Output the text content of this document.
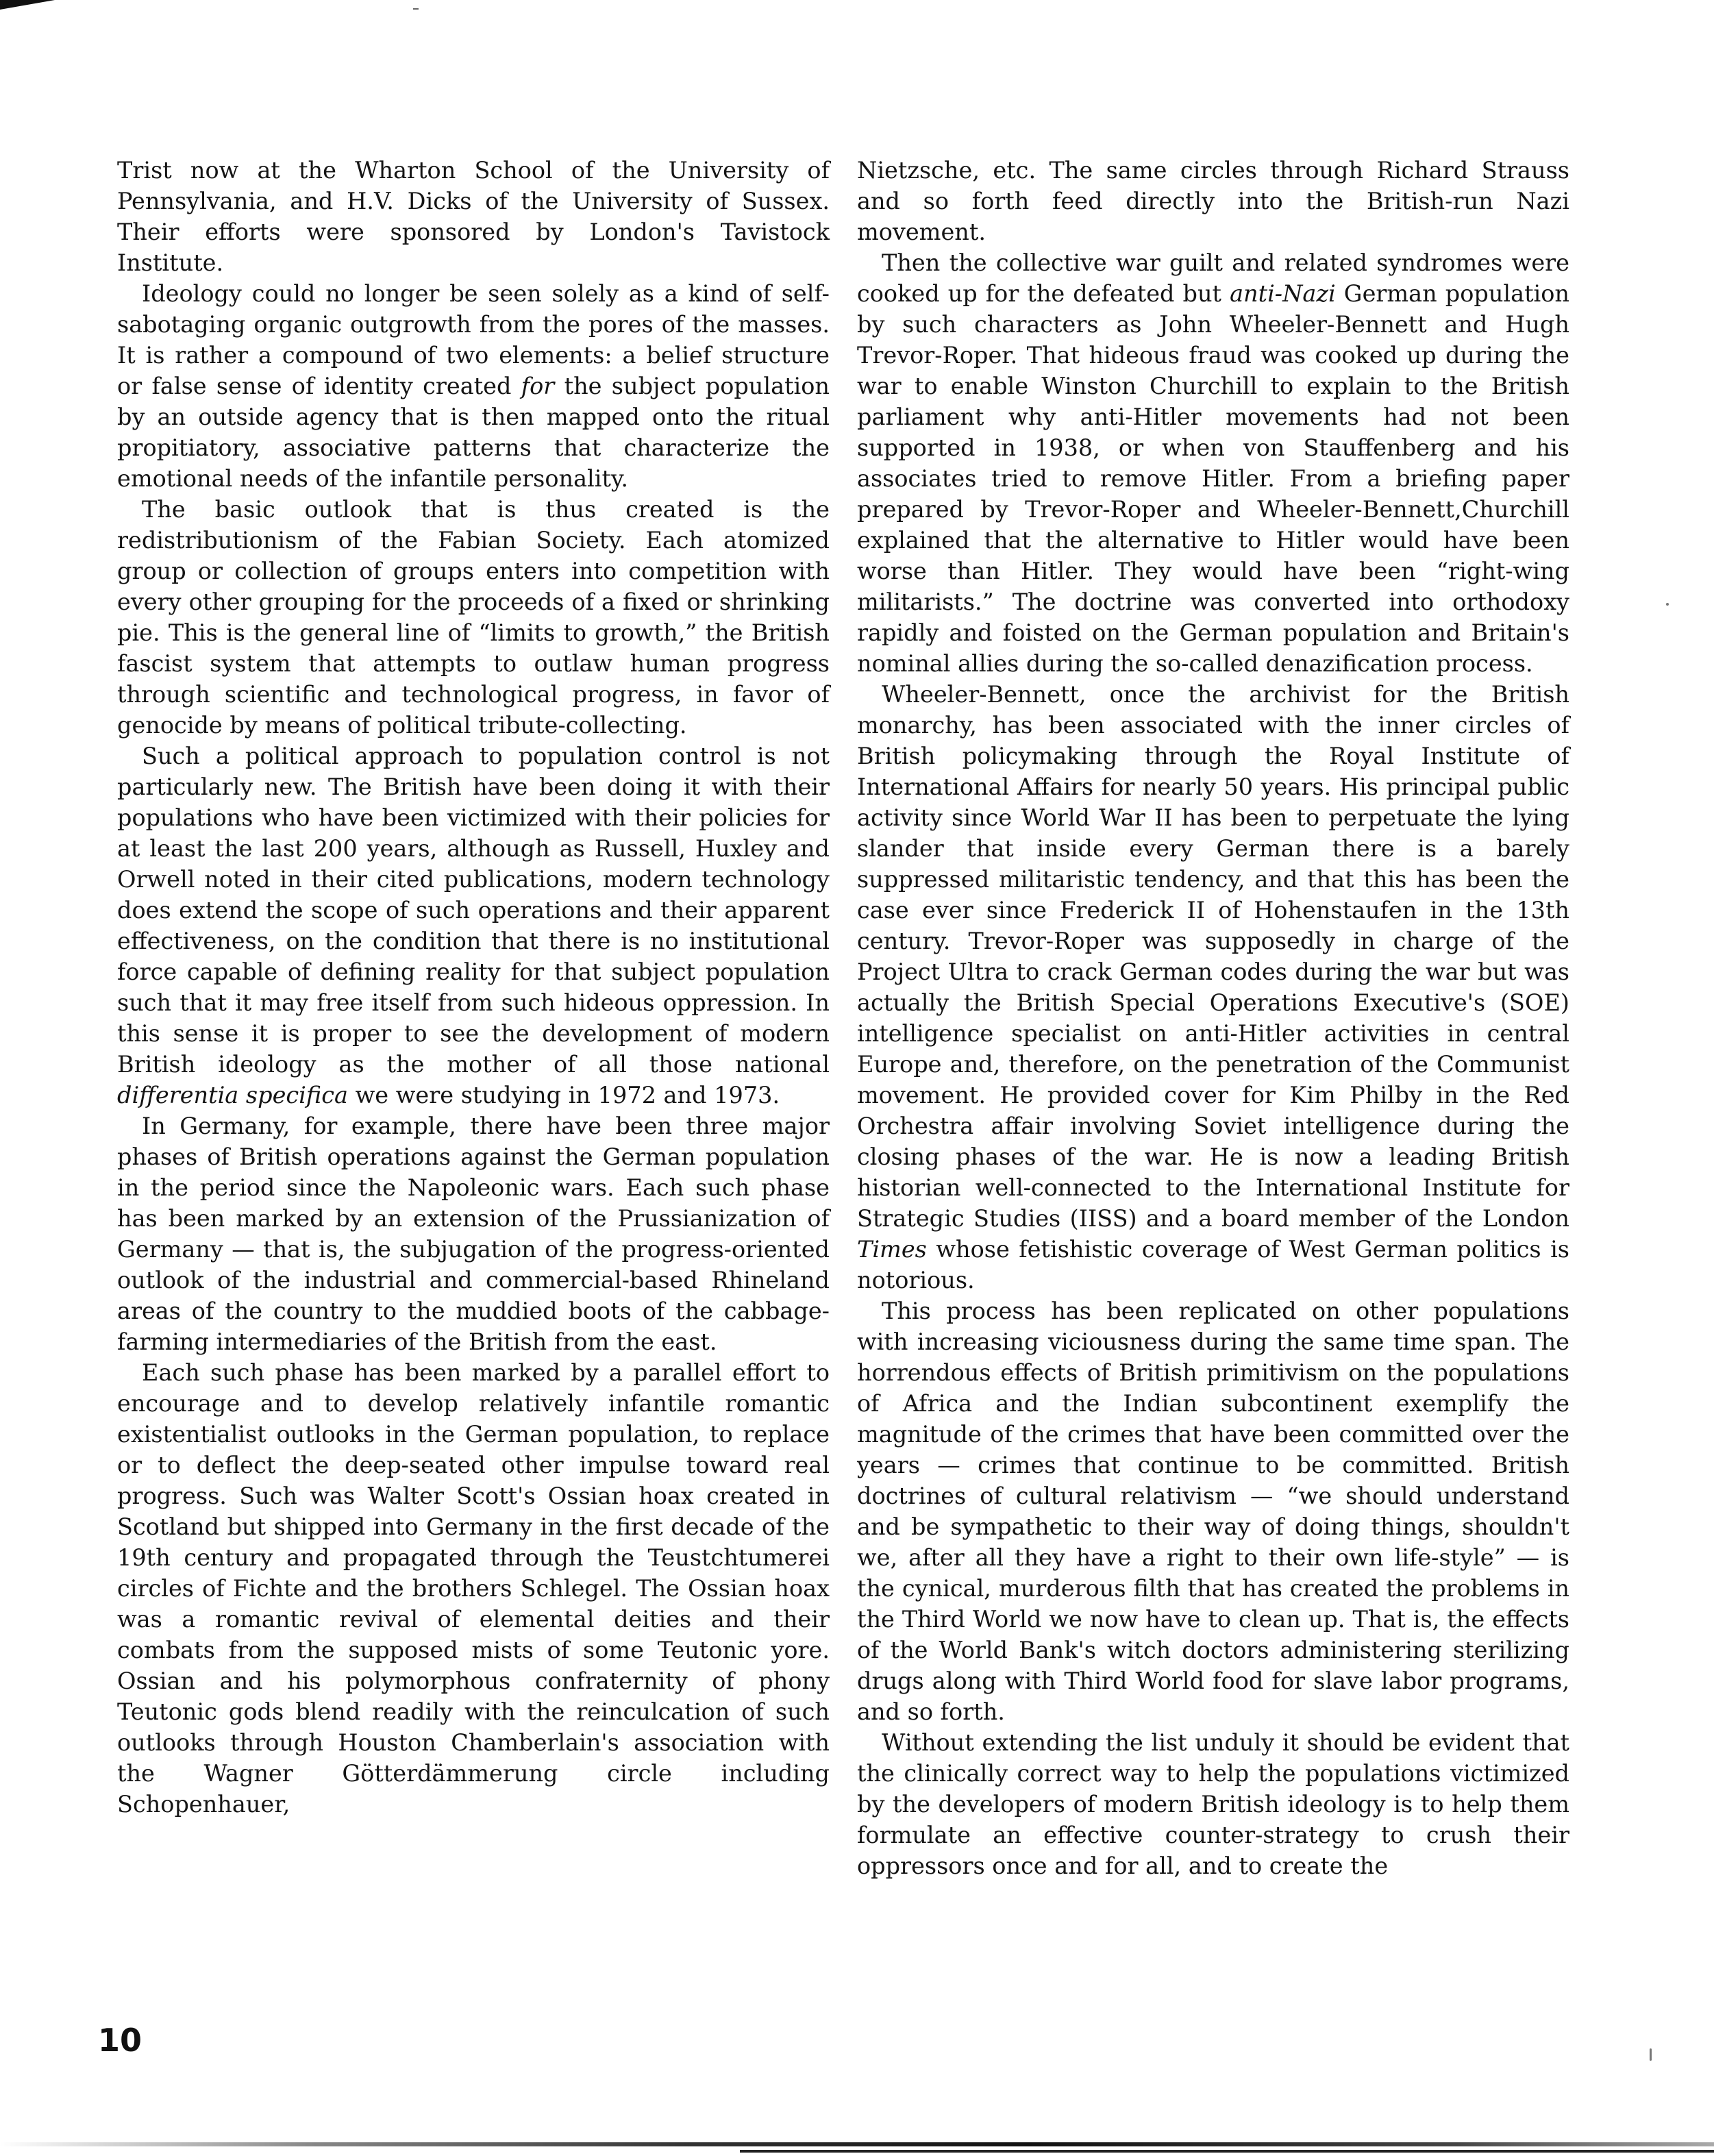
Trist now at the Wharton School of the University of Pennsylvania, and H.V. Dicks of the University of Sussex. Their efforts were sponsored by London's Tavistock Institute.

Ideology could no longer be seen solely as a kind of self-sabotaging organic outgrowth from the pores of the masses. It is rather a compound of two elements: a belief structure or false sense of identity created for the subject population by an outside agency that is then mapped onto the ritual propitiatory, associative patterns that characterize the emotional needs of the infantile personality.

The basic outlook that is thus created is the redistributionism of the Fabian Society. Each atomized group or collection of groups enters into competition with every other grouping for the proceeds of a fixed or shrinking pie. This is the general line of “limits to growth,” the British fascist system that attempts to outlaw human progress through scientific and technological progress, in favor of genocide by means of political tribute-collecting.

Such a political approach to population control is not particularly new. The British have been doing it with their populations who have been victimized with their policies for at least the last 200 years, although as Russell, Huxley and Orwell noted in their cited publications, modern technology does extend the scope of such operations and their apparent effectiveness, on the condition that there is no institutional force capable of defining reality for that subject population such that it may free itself from such hideous oppression. In this sense it is proper to see the development of modern British ideology as the mother of all those national differentia specifica we were studying in 1972 and 1973.

In Germany, for example, there have been three major phases of British operations against the German population in the period since the Napoleonic wars. Each such phase has been marked by an extension of the Prussianization of Germany — that is, the subjugation of the progress-oriented outlook of the industrial and commercial-based Rhineland areas of the country to the muddied boots of the cabbage-farming intermediaries of the British from the east.

Each such phase has been marked by a parallel effort to encourage and to develop relatively infantile romantic existentialist outlooks in the German population, to replace or to deflect the deep-seated other impulse toward real progress. Such was Walter Scott's Ossian hoax created in Scotland but shipped into Germany in the first decade of the 19th century and propagated through the Teustchtumerei circles of Fichte and the brothers Schlegel. The Ossian hoax was a romantic revival of elemental deities and their combats from the supposed mists of some Teutonic yore. Ossian and his polymorphous confraternity of phony Teutonic gods blend readily with the reinculcation of such outlooks through Houston Chamberlain's association with the Wagner Götterdämmerung circle including Schopenhauer,

Nietzsche, etc. The same circles through Richard Strauss and so forth feed directly into the British-run Nazi movement.

Then the collective war guilt and related syndromes were cooked up for the defeated but anti-Nazi German population by such characters as John Wheeler-Bennett and Hugh Trevor-Roper. That hideous fraud was cooked up during the war to enable Winston Churchill to explain to the British parliament why anti-Hitler movements had not been supported in 1938, or when von Stauffenberg and his associates tried to remove Hitler. From a briefing paper prepared by Trevor-Roper and Wheeler-Bennett,Churchill explained that the alternative to Hitler would have been worse than Hitler. They would have been “right-wing militarists.” The doctrine was converted into orthodoxy rapidly and foisted on the German population and Britain's nominal allies during the so-called denazification process.

Wheeler-Bennett, once the archivist for the British monarchy, has been associated with the inner circles of British policymaking through the Royal Institute of International Affairs for nearly 50 years. His principal public activity since World War II has been to perpetuate the lying slander that inside every German there is a barely suppressed militaristic tendency, and that this has been the case ever since Frederick II of Hohenstaufen in the 13th century. Trevor-Roper was supposedly in charge of the Project Ultra to crack German codes during the war but was actually the British Special Operations Executive's (SOE) intelligence specialist on anti-Hitler activities in central Europe and, therefore, on the penetration of the Communist movement. He provided cover for Kim Philby in the Red Orchestra affair involving Soviet intelligence during the closing phases of the war. He is now a leading British historian well-connected to the International Institute for Strategic Studies (IISS) and a board member of the London Times whose fetishistic coverage of West German politics is notorious.

This process has been replicated on other populations with increasing viciousness during the same time span. The horrendous effects of British primitivism on the populations of Africa and the Indian subcontinent exemplify the magnitude of the crimes that have been committed over the years — crimes that continue to be committed. British doctrines of cultural relativism — “we should understand and be sympathetic to their way of doing things, shouldn't we, after all they have a right to their own life-style” — is the cynical, murderous filth that has created the problems in the Third World we now have to clean up. That is, the effects of the World Bank's witch doctors administering sterilizing drugs along with Third World food for slave labor programs, and so forth.

Without extending the list unduly it should be evident that the clinically correct way to help the populations victimized by the developers of modern British ideology is to help them formulate an effective counter-strategy to crush their oppressors once and for all, and to create the

10
